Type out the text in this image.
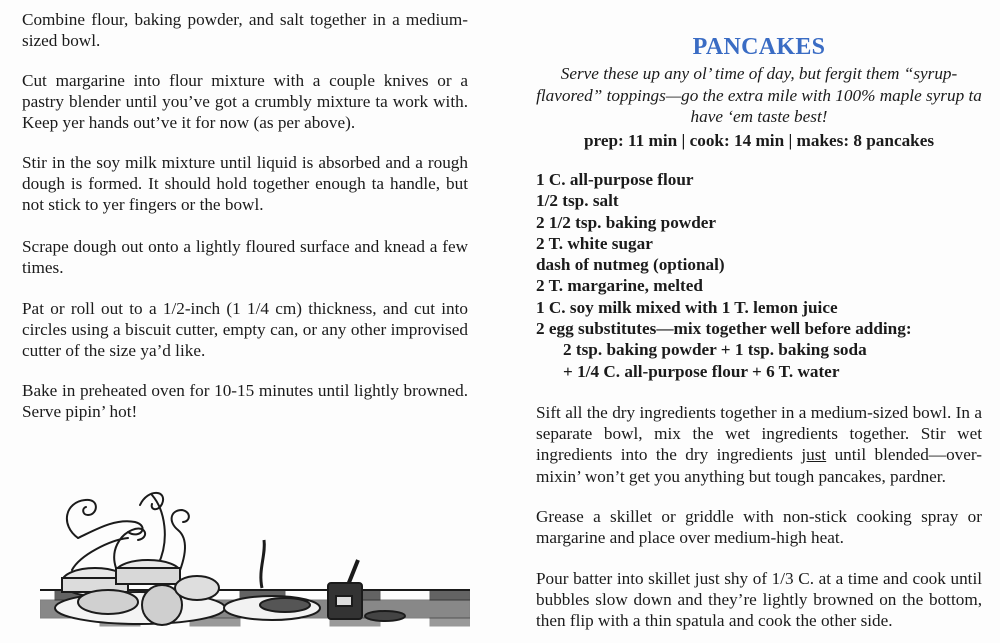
Combine flour, baking powder, and salt together in a medium-sized bowl.

Cut margarine into flour mixture with a couple knives or a pastry blender until you’ve got a crumbly mixture ta work with. Keep yer hands out’ve it for now (as per above).

Stir in the soy milk mixture until liquid is absorbed and a rough dough is formed. It should hold together enough ta handle, but not stick to yer fingers or the bowl.

Scrape dough out onto a lightly floured surface and knead a few times.

Pat or roll out to a 1/2-inch (1 1/4 cm) thickness, and cut into circles using a biscuit cutter, empty can, or any other improvised cutter of the size ya’d like.

Bake in preheated oven for 10-15 minutes until lightly browned. Serve pipin’ hot!

PANCAKES

Serve these up any ol’ time of day, but fergit them “syrup-flavored” toppings—go the extra mile with 100% maple syrup ta have ‘em taste best!

prep: 11 min | cook: 14 min | makes: 8 pancakes

1 C. all-purpose flour
1/2 tsp. salt
2 1/2 tsp. baking powder
2 T. white sugar
dash of nutmeg (optional)
2 T. margarine, melted
1 C. soy milk mixed with 1 T. lemon juice
2 egg substitutes—mix together well before adding:
2 tsp. baking powder + 1 tsp. baking soda
+ 1/4 C. all-purpose flour + 6 T. water

Sift all the dry ingredients together in a medium-sized bowl. In a separate bowl, mix the wet ingredients together. Stir wet ingredients into the dry ingredients just until blended—over-mixin’ won’t get you anything but tough pancakes, pardner.

Grease a skillet or griddle with non-stick cooking spray or margarine and place over medium-high heat.

Pour batter into skillet just shy of 1/3 C. at a time and cook until bubbles slow down and they’re lightly browned on the bottom, then flip with a thin spatula and cook the other side.
